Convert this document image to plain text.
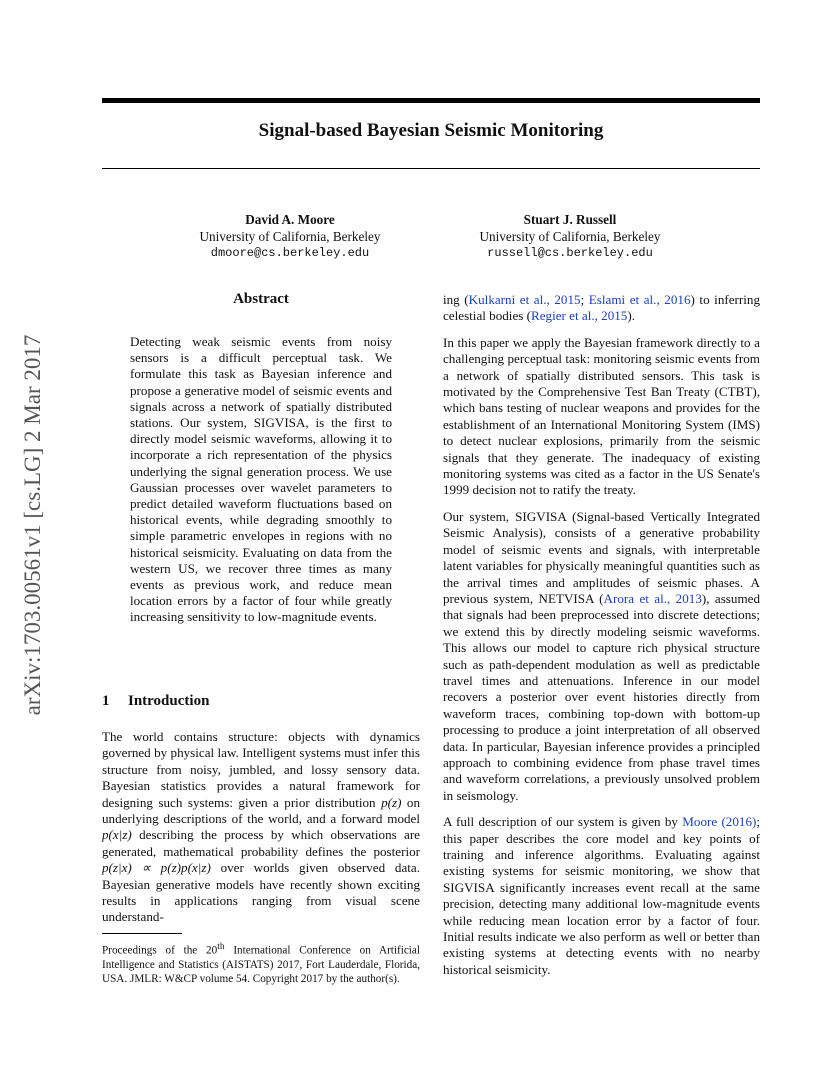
arXiv:1703.00561v1 [cs.LG] 2 Mar 2017
Signal-based Bayesian Seismic Monitoring
David A. Moore
University of California, Berkeley
dmoore@cs.berkeley.edu
Stuart J. Russell
University of California, Berkeley
russell@cs.berkeley.edu
Abstract
Detecting weak seismic events from noisy sensors is a difficult perceptual task. We formulate this task as Bayesian inference and propose a generative model of seismic events and signals across a network of spatially distributed stations. Our system, SIGVISA, is the first to directly model seismic waveforms, allowing it to incorporate a rich representation of the physics underlying the signal generation process. We use Gaussian processes over wavelet parameters to predict detailed waveform fluctuations based on historical events, while degrading smoothly to simple parametric envelopes in regions with no historical seismicity. Evaluating on data from the western US, we recover three times as many events as previous work, and reduce mean location errors by a factor of four while greatly increasing sensitivity to low-magnitude events.
1 Introduction

The world contains structure: objects with dynamics governed by physical law. Intelligent systems must infer this structure from noisy, jumbled, and lossy sensory data. Bayesian statistics provides a natural framework for designing such systems: given a prior distribution p(z) on underlying descriptions of the world, and a forward model p(x|z) describing the process by which observations are generated, mathematical probability defines the posterior p(z|x) ∝ p(z)p(x|z) over worlds given observed data. Bayesian generative models have recently shown exciting results in applications ranging from visual scene understand-

Proceedings of the 20th International Conference on Artificial Intelligence and Statistics (AISTATS) 2017, Fort Lauderdale, Florida, USA. JMLR: W&CP volume 54. Copyright 2017 by the author(s).

ing (Kulkarni et al., 2015; Eslami et al., 2016) to inferring celestial bodies (Regier et al., 2015).

In this paper we apply the Bayesian framework directly to a challenging perceptual task: monitoring seismic events from a network of spatially distributed sensors. This task is motivated by the Comprehensive Test Ban Treaty (CTBT), which bans testing of nuclear weapons and provides for the establishment of an International Monitoring System (IMS) to detect nuclear explosions, primarily from the seismic signals that they generate. The inadequacy of existing monitoring systems was cited as a factor in the US Senate's 1999 decision not to ratify the treaty.

Our system, SIGVISA (Signal-based Vertically Integrated Seismic Analysis), consists of a generative probability model of seismic events and signals, with interpretable latent variables for physically meaningful quantities such as the arrival times and amplitudes of seismic phases. A previous system, NETVISA (Arora et al., 2013), assumed that signals had been preprocessed into discrete detections; we extend this by directly modeling seismic waveforms. This allows our model to capture rich physical structure such as path-dependent modulation as well as predictable travel times and attenuations. Inference in our model recovers a posterior over event histories directly from waveform traces, combining top-down with bottom-up processing to produce a joint interpretation of all observed data. In particular, Bayesian inference provides a principled approach to combining evidence from phase travel times and waveform correlations, a previously unsolved problem in seismology.

A full description of our system is given by Moore (2016); this paper describes the core model and key points of training and inference algorithms. Evaluating against existing systems for seismic monitoring, we show that SIGVISA significantly increases event recall at the same precision, detecting many additional low-magnitude events while reducing mean location error by a factor of four. Initial results indicate we also perform as well or better than existing systems at detecting events with no nearby historical seismicity.
